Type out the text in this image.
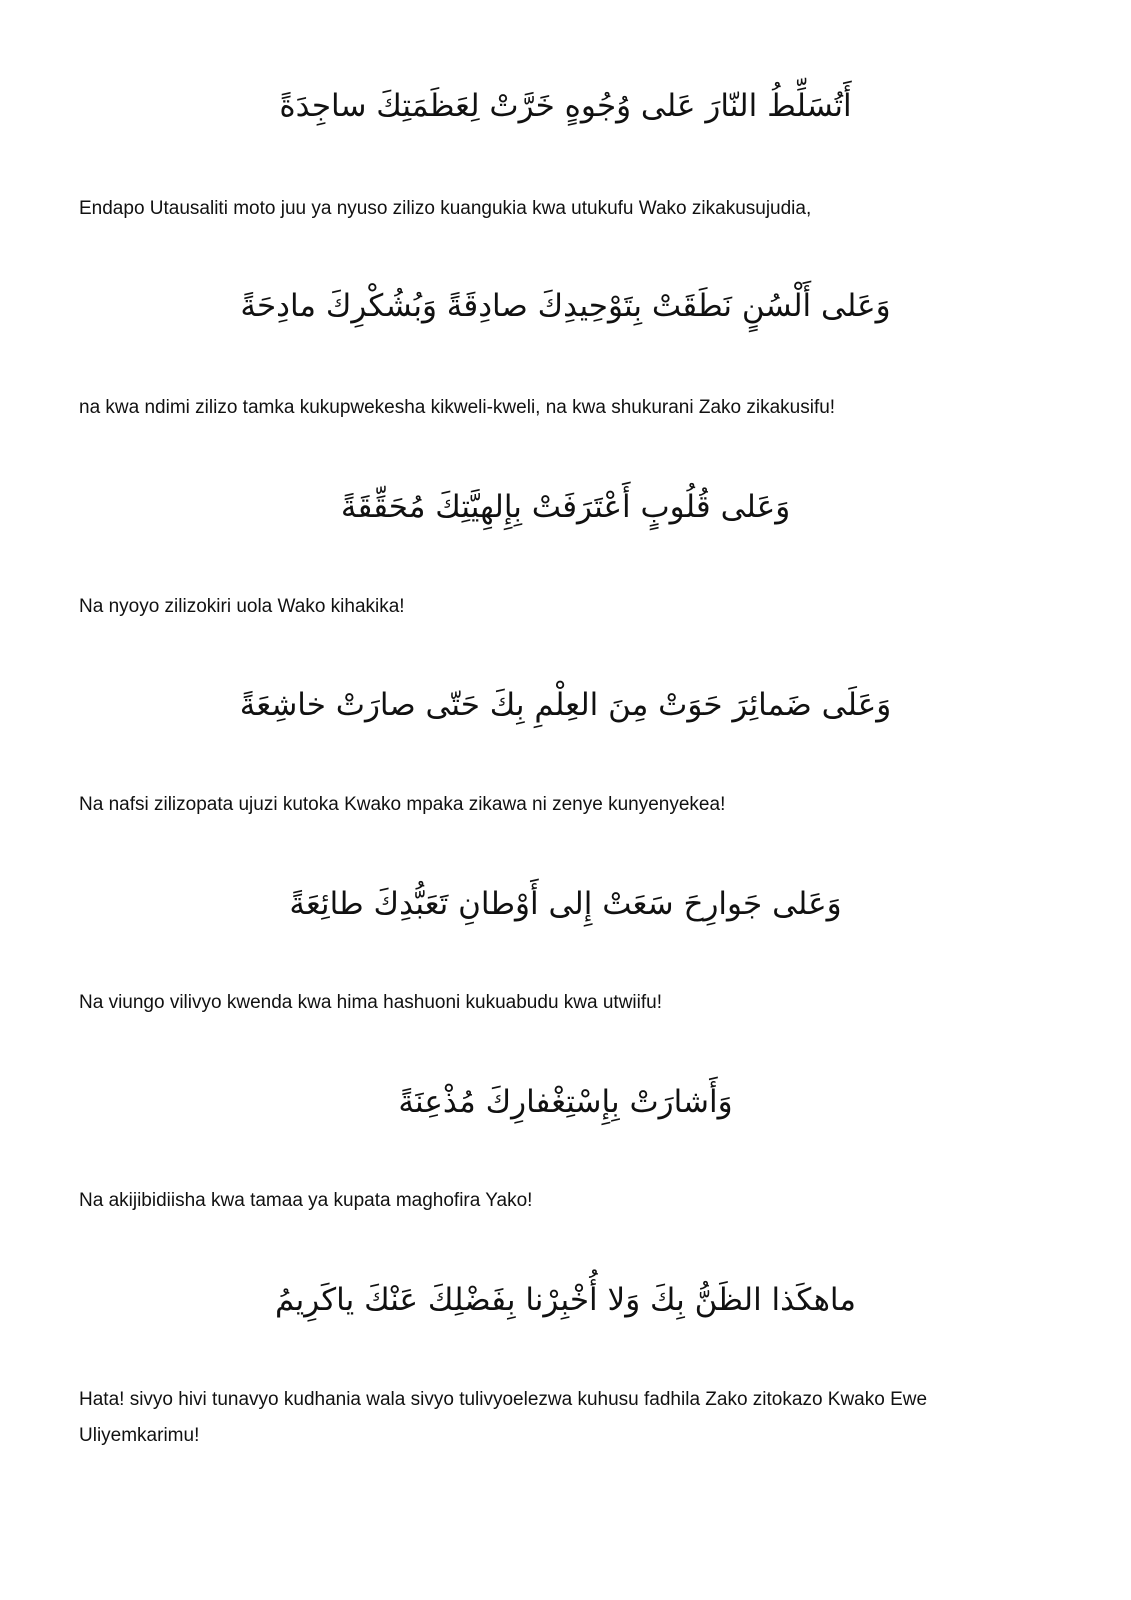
أَتُسَلِّطُ النّارَ عَلى وُجُوهٍ خَرَّتْ لِعَظَمَتِكَ ساجِدَةً
Endapo Utausaliti moto juu ya nyuso zilizo kuangukia kwa utukufu Wako zikakusujudia,
وَعَلى أَلْسُنٍ نَطَقَتْ بِتَوْحِيدِكَ صادِقَةً وَبُشُكْرِكَ مادِحَةً
na kwa ndimi zilizo tamka kukupwekesha kikweli-kweli, na kwa shukurani Zako zikakusifu!
وَعَلى قُلُوبٍ أَعْتَرَفَتْ بِإِلهِيَّتِكَ مُحَقِّقَةً
Na nyoyo zilizokiri uola Wako kihakika!
وَعَلَى ضَمائِرَ حَوَتْ مِنَ العِلْمِ بِكَ حَتّى صارَتْ خاشِعَةً
Na nafsi zilizopata ujuzi kutoka Kwako mpaka zikawa ni zenye kunyenyekea!
وَعَلى جَوارِحَ سَعَتْ إِلى أَوْطانِ تَعَبُّدِكَ طائِعَةً
Na viungo vilivyo kwenda kwa hima hashuoni kukuabudu kwa utwiifu!
وَأَشارَتْ بِإِسْتِغْفارِكَ مُذْعِنَةً
Na akijibidiisha kwa tamaa ya kupata maghofira Yako!
ماهكَذا الظَنُّ بِكَ وَلا أُخْبِرْنا بِفَضْلِكَ عَنْكَ ياكَرِيمُ
Hata! sivyo hivi tunavyo kudhania wala sivyo tulivyoelezwa kuhusu fadhila Zako zitokazo Kwako Ewe Uliyemkarimu!
